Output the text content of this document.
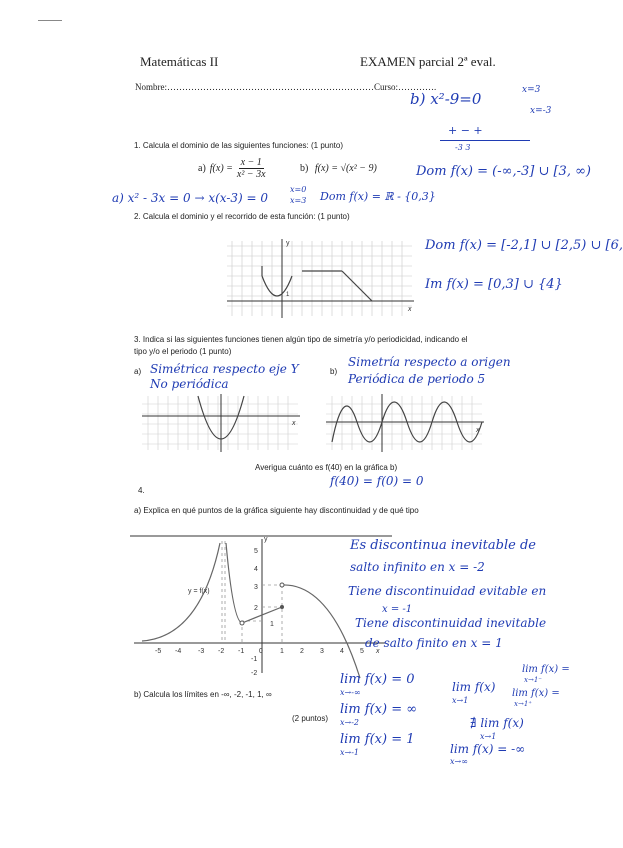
Matemáticas II	EXAMEN parcial 2ª eval.
Nombre:……………………………………………………………Curso:………….
b) x²-9=0	x=3
x=-3
+ − +
-3 3
Dom f(x) = (-∞,-3] ∪ [3, ∞)
1. Calcula el dominio de las siguientes funciones: (1 punto)
a) $f(x) = \frac{x - 1}{\text{x² − 3x}}$	b) f(x) = √(x² − 9)
a) x² - 3x = 0 → x(x-3) = 0
x=0
x=3 Dom f(x) = ℝ - {0,3}
2. Calcula el dominio y el recorrido de esta función: (1 punto)
y
x
1
Dom f(x) = [-2,1] ∪ [2,5) ∪ [6,
Im f(x) = [0,3] ∪ {4}
3. Indica si las siguientes funciones tienen algún tipo de simetría y/o periodicidad, indicando el
tipo y/o el periodo (1 punto)
a)	b)
Simétrica respecto eje Y
No periódica
Simetría respecto a origen
Periódica de periodo 5
x
x
Averigua cuánto es f(40) en la gráfica b)
f(40) = f(0) = 0
4.
a) Explica en qué puntos de la gráfica siguiente hay discontinuidad y de qué tipo
y = f(x)
y
-5 -4 -3 -2 -1 0 1 2 3 4 5 x
5
4
3
2
1
-1
-2
Es discontinua inevitable de
salto infinito en x = -2
Tiene discontinuidad evitable en
x = -1
Tiene discontinuidad inevitable
de salto finito en x = 1
b) Calcula los límites en -∞, -2, -1, 1, ∞
(2 puntos)
lim f(x) = 0
x→-∞
lim f(x) = ∞
x→-2
lim f(x) = 1
x→-1
lim f(x)
x→1
lim f(x) =
x→1⁻
lim f(x) =
x→1⁺
∄ lim f(x)
x→1
lim f(x) = -∞
x→∞
